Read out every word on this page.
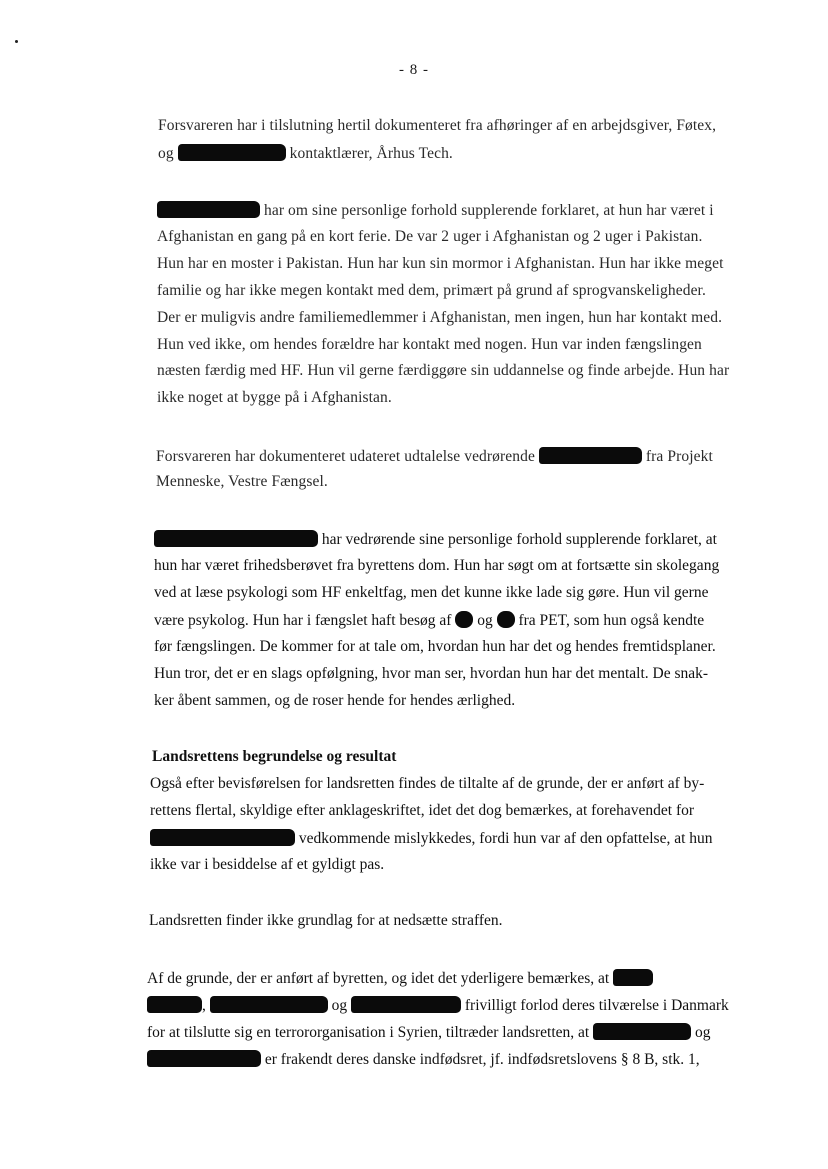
- 8 -
Forsvareren har i tilslutning hertil dokumenteret fra afhøringer af en arbejdsgiver, Føtex,
og	kontaktlærer, Århus Tech.
har om sine personlige forhold supplerende forklaret, at hun har været i
Afghanistan en gang på en kort ferie. De var 2 uger i Afghanistan og 2 uger i Pakistan.
Hun har en moster i Pakistan. Hun har kun sin mormor i Afghanistan. Hun har ikke meget
familie og har ikke megen kontakt med dem, primært på grund af sprogvanskeligheder.
Der er muligvis andre familiemedlemmer i Afghanistan, men ingen, hun har kontakt med.
Hun ved ikke, om hendes forældre har kontakt med nogen. Hun var inden fængslingen
næsten færdig med HF. Hun vil gerne færdiggøre sin uddannelse og finde arbejde. Hun har
ikke noget at bygge på i Afghanistan.
Forsvareren har dokumenteret udateret udtalelse vedrørende	fra Projekt
Menneske, Vestre Fængsel.
har vedrørende sine personlige forhold supplerende forklaret, at
hun har været frihedsberøvet fra byrettens dom. Hun har søgt om at fortsætte sin skolegang
ved at læse psykologi som HF enkeltfag, men det kunne ikke lade sig gøre. Hun vil gerne
være psykolog. Hun har i fængslet haft besøg af og fra PET, som hun også kendte
før fængslingen. De kommer for at tale om, hvordan hun har det og hendes fremtidsplaner.
Hun tror, det er en slags opfølgning, hvor man ser, hvordan hun har det mentalt. De snak-
ker åbent sammen, og de roser hende for hendes ærlighed.
Landsrettens begrundelse og resultat
Også efter bevisførelsen for landsretten findes de tiltalte af de grunde, der er anført af by-
rettens flertal, skyldige efter anklageskriftet, idet det dog bemærkes, at forehavendet for
vedkommende mislykkedes, fordi hun var af den opfattelse, at hun
ikke var i besiddelse af et gyldigt pas.
Landsretten finder ikke grundlag for at nedsætte straffen.
Af de grunde, der er anført af byretten, og idet det yderligere bemærkes, at
,	og	frivilligt forlod deres tilværelse i Danmark
for at tilslutte sig en terrororganisation i Syrien, tiltræder landsretten, at	og
er frakendt deres danske indfødsret, jf. indfødsretslovens § 8 B, stk. 1,
